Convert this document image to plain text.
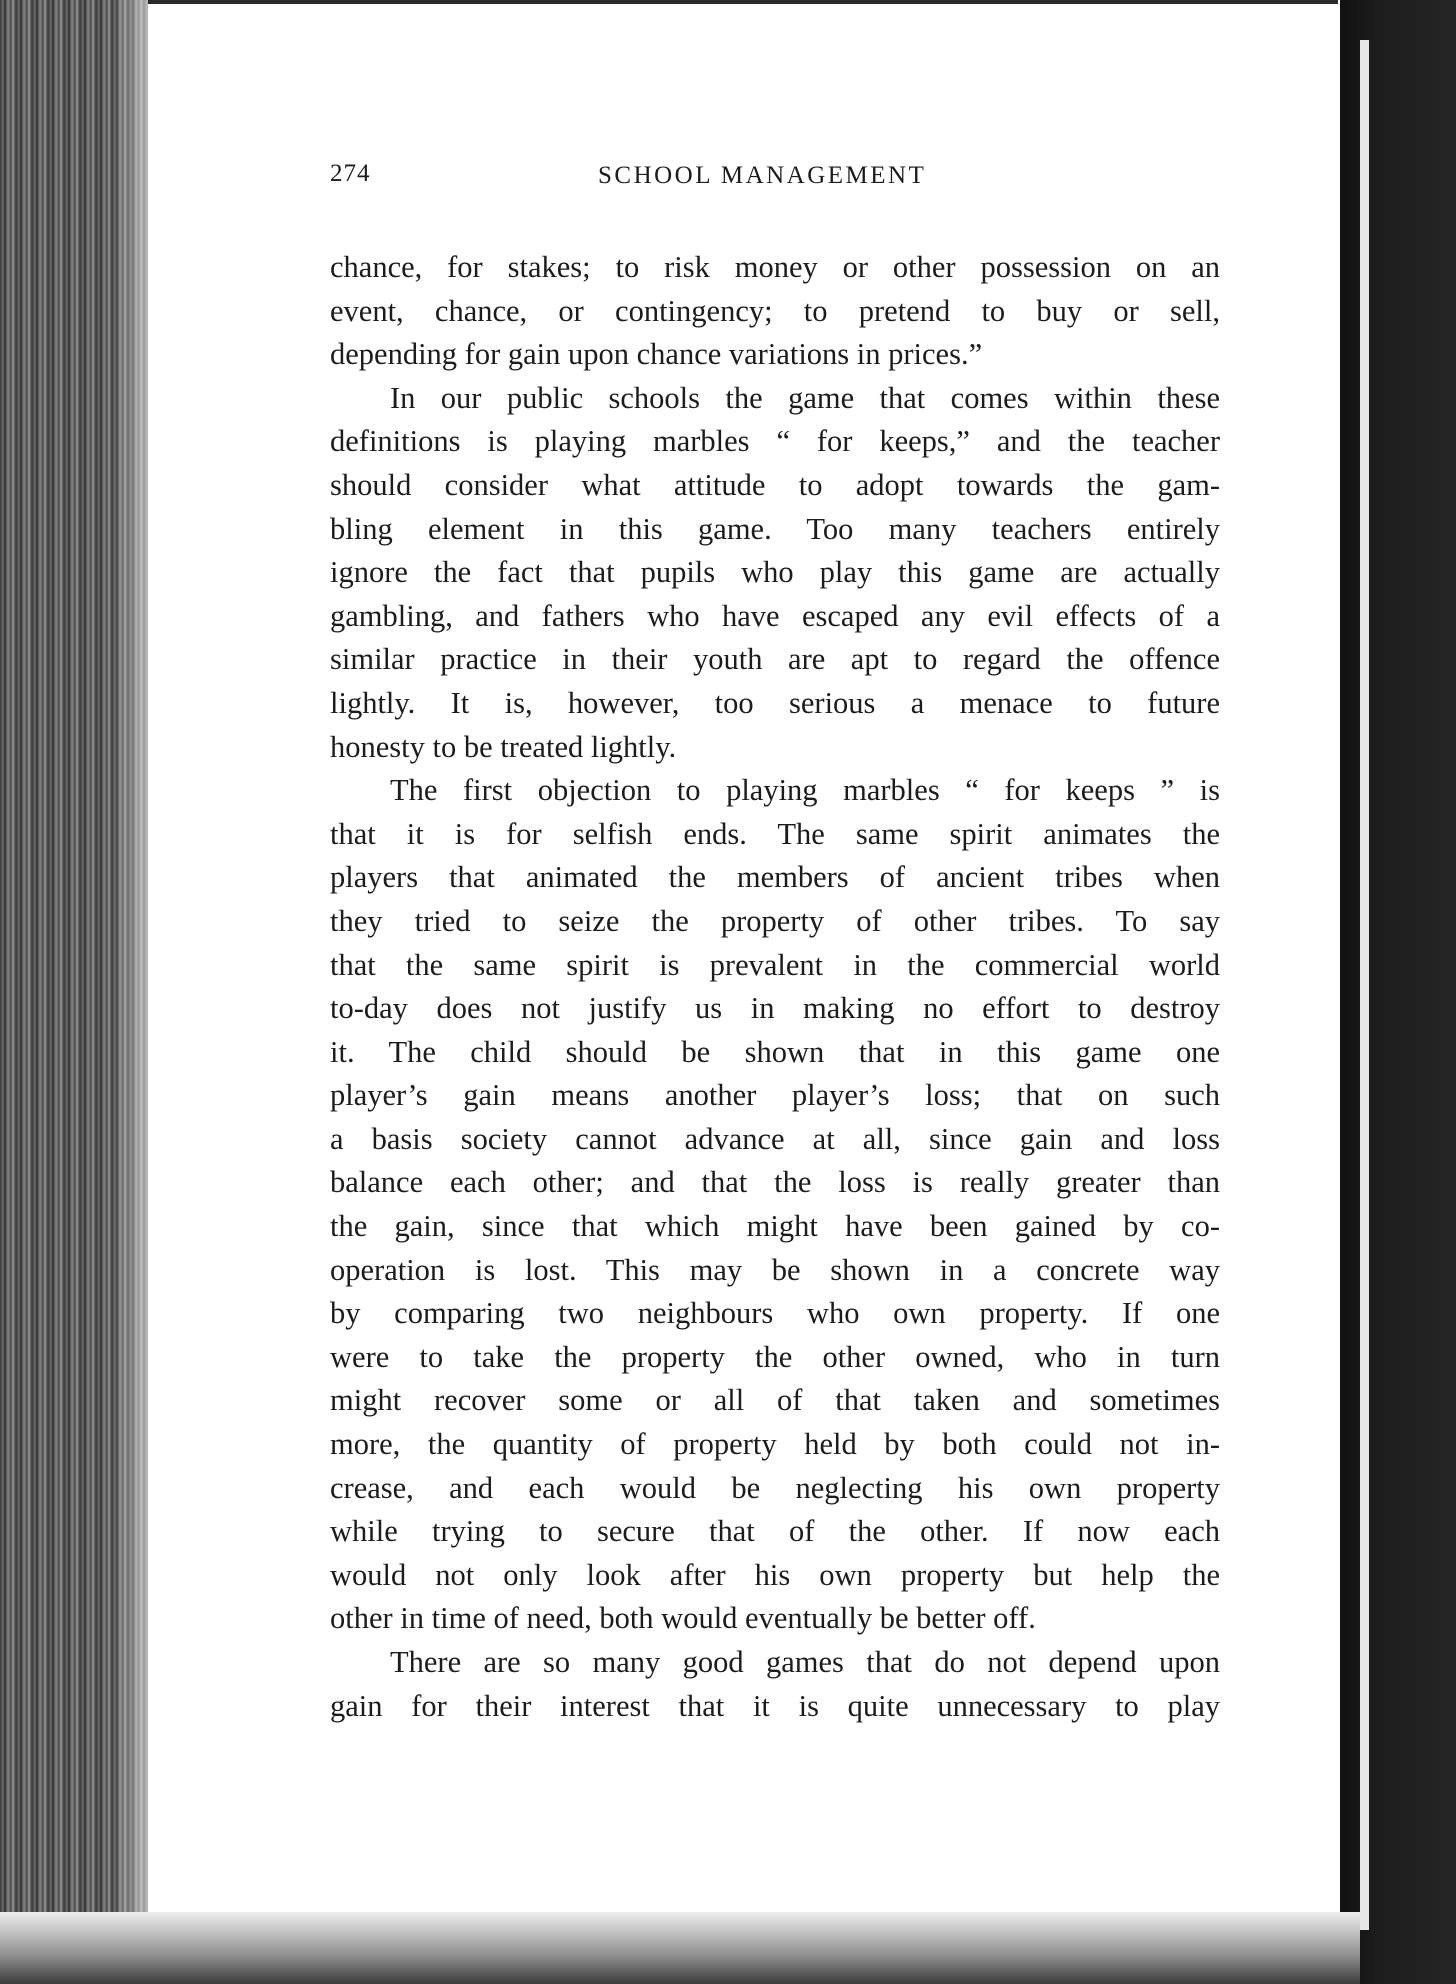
274	SCHOOL MANAGEMENT
chance, for stakes; to risk money or other possession on an
event, chance, or contingency; to pretend to buy or sell,
depending for gain upon chance variations in prices.”
In our public schools the game that comes within these
definitions is playing marbles “ for keeps,” and the teacher
should consider what attitude to adopt towards the gam-
bling element in this game. Too many teachers entirely
ignore the fact that pupils who play this game are actually
gambling, and fathers who have escaped any evil effects of a
similar practice in their youth are apt to regard the offence
lightly. It is, however, too serious a menace to future
honesty to be treated lightly.
The first objection to playing marbles “ for keeps ” is
that it is for selfish ends. The same spirit animates the
players that animated the members of ancient tribes when
they tried to seize the property of other tribes. To say
that the same spirit is prevalent in the commercial world
to-day does not justify us in making no effort to destroy
it. The child should be shown that in this game one
player’s gain means another player’s loss; that on such
a basis society cannot advance at all, since gain and loss
balance each other; and that the loss is really greater than
the gain, since that which might have been gained by co-
operation is lost. This may be shown in a concrete way
by comparing two neighbours who own property. If one
were to take the property the other owned, who in turn
might recover some or all of that taken and sometimes
more, the quantity of property held by both could not in-
crease, and each would be neglecting his own property
while trying to secure that of the other. If now each
would not only look after his own property but help the
other in time of need, both would eventually be better off.
There are so many good games that do not depend upon
gain for their interest that it is quite unnecessary to play
